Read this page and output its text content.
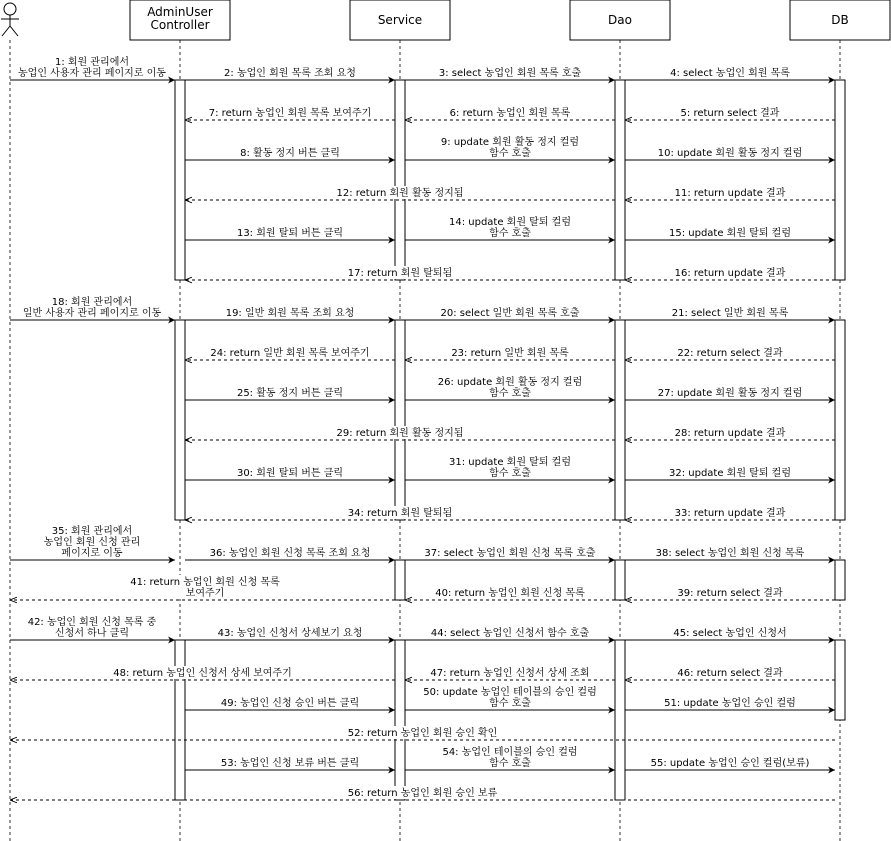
AdminUser Controller	Service	Dao	DB
1: 회원 관리에서 농업인 사용자 관리 페이지로 이동	2: 농업인 회원 목록 조회 요청	3: select 농업인 회원 목록 호출	4: select 농업인 회원 목록
5: return select 결과
6: return 농업인 회원 목록
7: return 농업인 회원 목록 보여주기
8: 활동 정지 버튼 클릭
9: update 회원 활동 정지 컬럼 함수 호출	10: update 회원 활동 정지 컬럼
11: return update 결과
12: return 회원 활동 정지됨
13: 회원 탈퇴 버튼 클릭
14: update 회원 탈퇴 컬럼 함수 호출	15: update 회원 탈퇴 컬럼
16: return update 결과
17: return 회원 탈퇴됨
18: 회원 관리에서 일반 사용자 관리 페이지로 이동	19: 일반 회원 목록 조회 요청	20: select 일반 회원 목록 호출	21: select 일반 회원 목록
22: return select 결과
23: return 일반 회원 목록
24: return 일반 회원 목록 보여주기
25: 활동 정지 버튼 클릭
26: update 회원 활동 정지 컬럼 함수 호출	27: update 회원 활동 정지 컬럼
28: return update 결과
29: return 회원 활동 정지됨
30: 회원 탈퇴 버튼 클릭
31: update 회원 탈퇴 컬럼 함수 호출	32: update 회원 탈퇴 컬럼
33: return update 결과
34: return 회원 탈퇴됨
35: 회원 관리에서 농업인 회원 신청 관리 페이지로 이동	36: 농업인 회원 신청 목록 조회 요청	37: select 농업인 회원 신청 목록 호출	38: select 농업인 회원 신청 목록
39: return select 결과
40: return 농업인 회원 신청 목록
41: return 농업인 회원 신청 목록 보여주기
42: 농업인 회원 신청 목록 중 신청서 하나 클릭	43: 농업인 신청서 상세보기 요청	44: select 농업인 신청서 함수 호출	45: select 농업인 신청서
46: return select 결과
47: return 농업인 신청서 상세 조회
48: return 농업인 신청서 상세 보여주기
49: 농업인 신청 승인 버튼 클릭
50: update 농업인 테이블의 승인 컬럼 함수 호출	51: update 농업인 승인 컬럼
52: return 농업인 회원 승인 확인
53: 농업인 신청 보류 버튼 클릭
54: 농업인 테이블의 승인 컬럼 함수 호출	55: update 농업인 승인 컬럼(보류)
56: return 농업인 회원 승인 보류
